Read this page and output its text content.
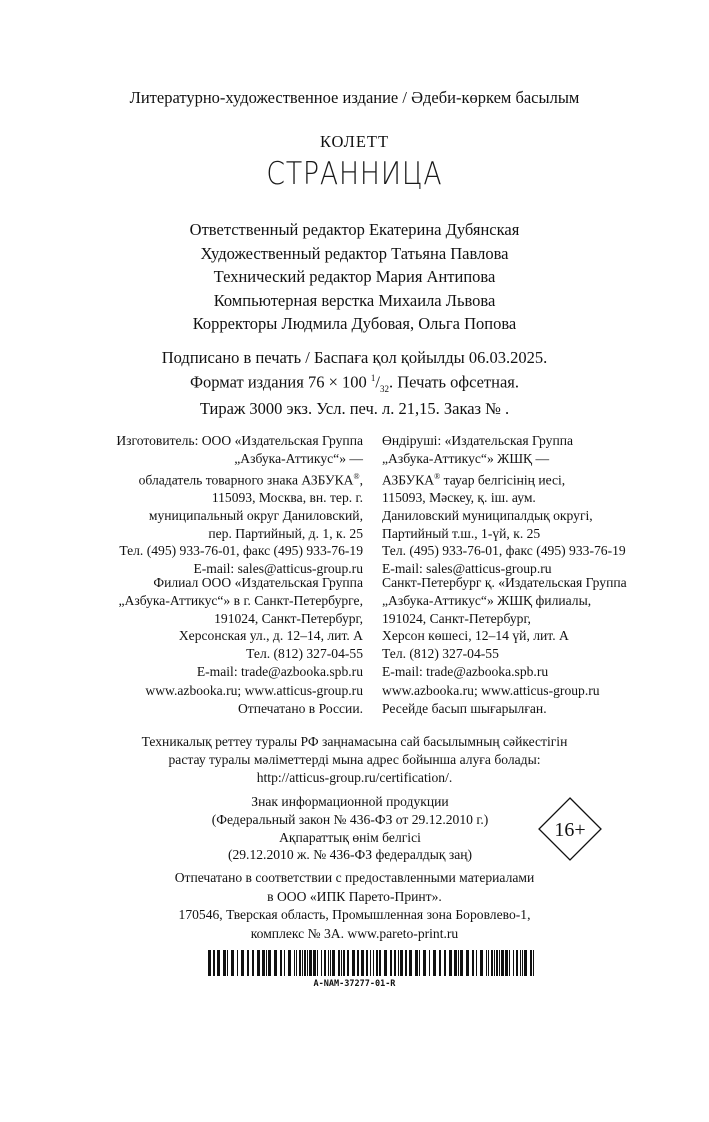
Литературно-художественное издание / Әдеби-көркем басылым
КОЛЕТТ
СТРАННИЦА
Ответственный редактор Екатерина Дубянская
Художественный редактор Татьяна Павлова
Технический редактор Мария Антипова
Компьютерная верстка Михаила Львова
Корректоры Людмила Дубовая, Ольга Попова
Подписано в печать / Баспаға қол қойылды 06.03.2025.
Формат издания 76 × 100 $^1/_{32}$. Печать офсетная.
Тираж 3000 экз. Усл. печ. л. 21,15. Заказ № .
Изготовитель: ООО «Издательская Группа
„Азбука-Аттикус“» —
обладатель товарного знака АЗБУКА®,
115093, Москва, вн. тер. г.
муниципальный округ Даниловский,
пер. Партийный, д. 1, к. 25
Тел. (495) 933-76-01, факс (495) 933-76-19
E-mail: sales@atticus-group.ru
Өндіруші: «Издательская Группа
„Азбука-Аттикус“» ЖШҚ —
АЗБУКА® тауар белгісінің иесі,
115093, Мәскеу, қ. іш. аум.
Даниловский муниципалдық округі,
Партийный т.ш., 1-үй, к. 25
Тел. (495) 933-76-01, факс (495) 933-76-19
E-mail: sales@atticus-group.ru
Филиал ООО «Издательская Группа
„Азбука-Аттикус“» в г. Санкт-Петербурге,
191024, Санкт-Петербург,
Херсонская ул., д. 12–14, лит. А
Тел. (812) 327-04-55
E-mail: trade@azbooka.spb.ru
Санкт-Петербург қ. «Издательская Группа
„Азбука-Аттикус“» ЖШҚ филиалы,
191024, Санкт-Петербург,
Херсон көшесі, 12–14 үй, лит. А
Тел. (812) 327-04-55
E-mail: trade@azbooka.spb.ru
www.azbooka.ru; www.atticus-group.ru
Отпечатано в России.
www.azbooka.ru; www.atticus-group.ru
Ресейде басып шығарылған.
Техникалық реттеу туралы РФ заңнамасына сай басылымның сәйкестігін
растау туралы мәліметтерді мына адрес бойынша алуға болады:
http://atticus-group.ru/certification/.
Знак информационной продукции
(Федеральный закон № 436-ФЗ от 29.12.2010 г.)
Ақпараттық өнім белгісі
(29.12.2010 ж. № 436-ФЗ федералдық заң)
16+
Отпечатано в соответствии с предоставленными материалами
в ООО «ИПК Парето-Принт».
170546, Тверская область, Промышленная зона Боровлево-1,
комплекс № 3А. www.pareto-print.ru
A-NAM-37277-01-R
